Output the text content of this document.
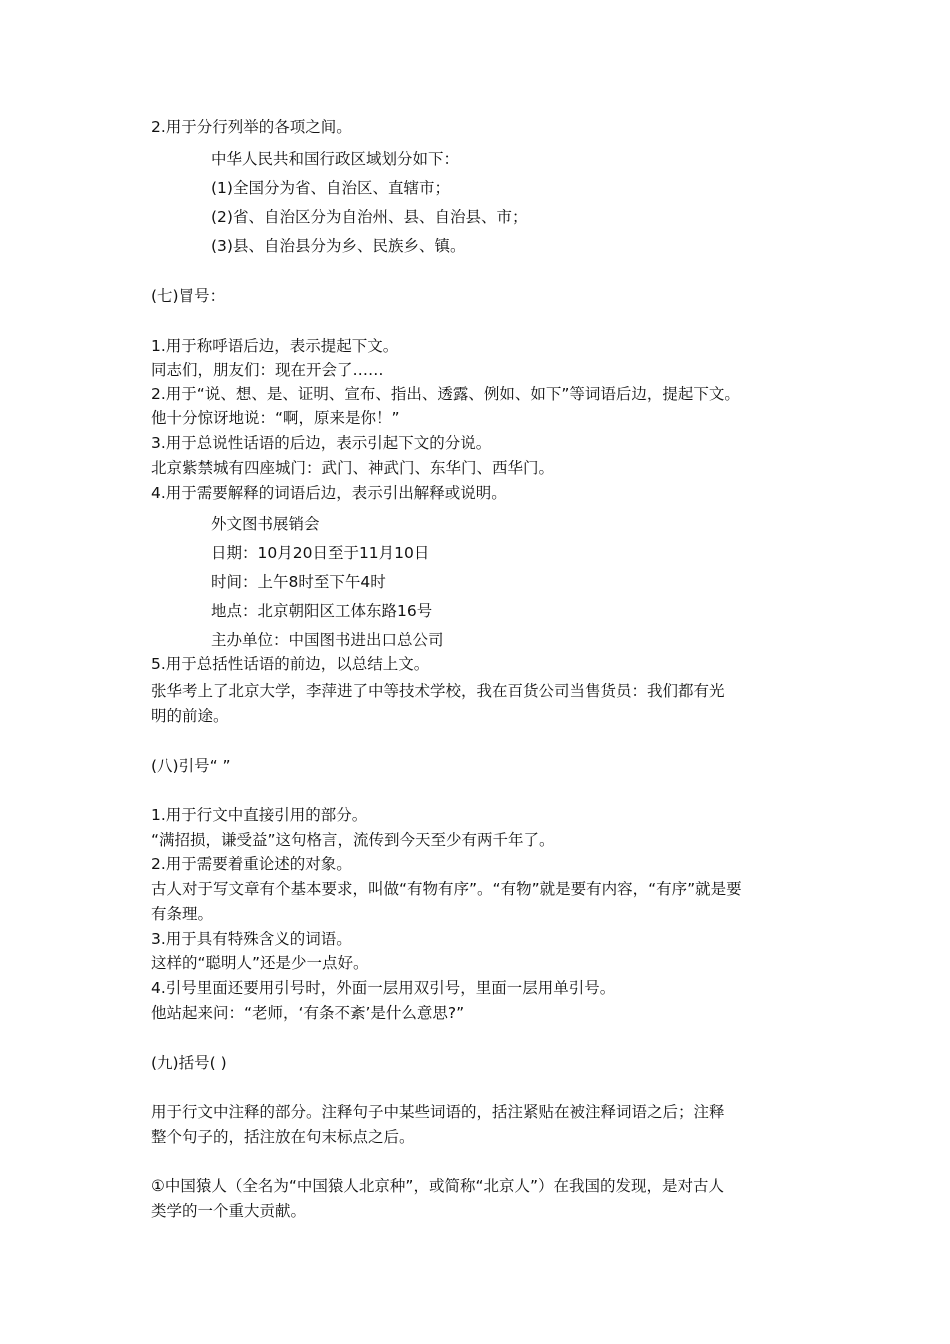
2.用于分行列举的各项之间。
中华人民共和国行政区域划分如下：
(1)全国分为省、自治区、直辖市；
(2)省、自治区分为自治州、县、自治县、市；
(3)县、自治县分为乡、民族乡、镇。
(七)冒号：
1.用于称呼语后边，表示提起下文。
同志们，朋友们：现在开会了……
2.用于“说、想、是、证明、宣布、指出、透露、例如、如下”等词语后边，提起下文。
他十分惊讶地说：“啊，原来是你！”
3.用于总说性话语的后边，表示引起下文的分说。
北京紫禁城有四座城门：武门、神武门、东华门、西华门。
4.用于需要解释的词语后边，表示引出解释或说明。
外文图书展销会
日期：10月20日至于11月10日
时间：上午8时至下午4时
地点：北京朝阳区工体东路16号
主办单位：中国图书进出口总公司
5.用于总括性话语的前边，以总结上文。
张华考上了北京大学，李萍进了中等技术学校，我在百货公司当售货员：我们都有光
明的前途。
(八)引号“ ”
1.用于行文中直接引用的部分。
“满招损，谦受益”这句格言，流传到今天至少有两千年了。
2.用于需要着重论述的对象。
古人对于写文章有个基本要求，叫做“有物有序”。“有物”就是要有内容，“有序”就是要
有条理。
3.用于具有特殊含义的词语。
这样的“聪明人”还是少一点好。
4.引号里面还要用引号时，外面一层用双引号，里面一层用单引号。
他站起来问：“老师，‘有条不紊’是什么意思?”
(九)括号( )
用于行文中注释的部分。注释句子中某些词语的，括注紧贴在被注释词语之后；注释
整个句子的，括注放在句末标点之后。
①中国猿人（全名为“中国猿人北京种”，或简称“北京人”）在我国的发现，是对古人
类学的一个重大贡献。
